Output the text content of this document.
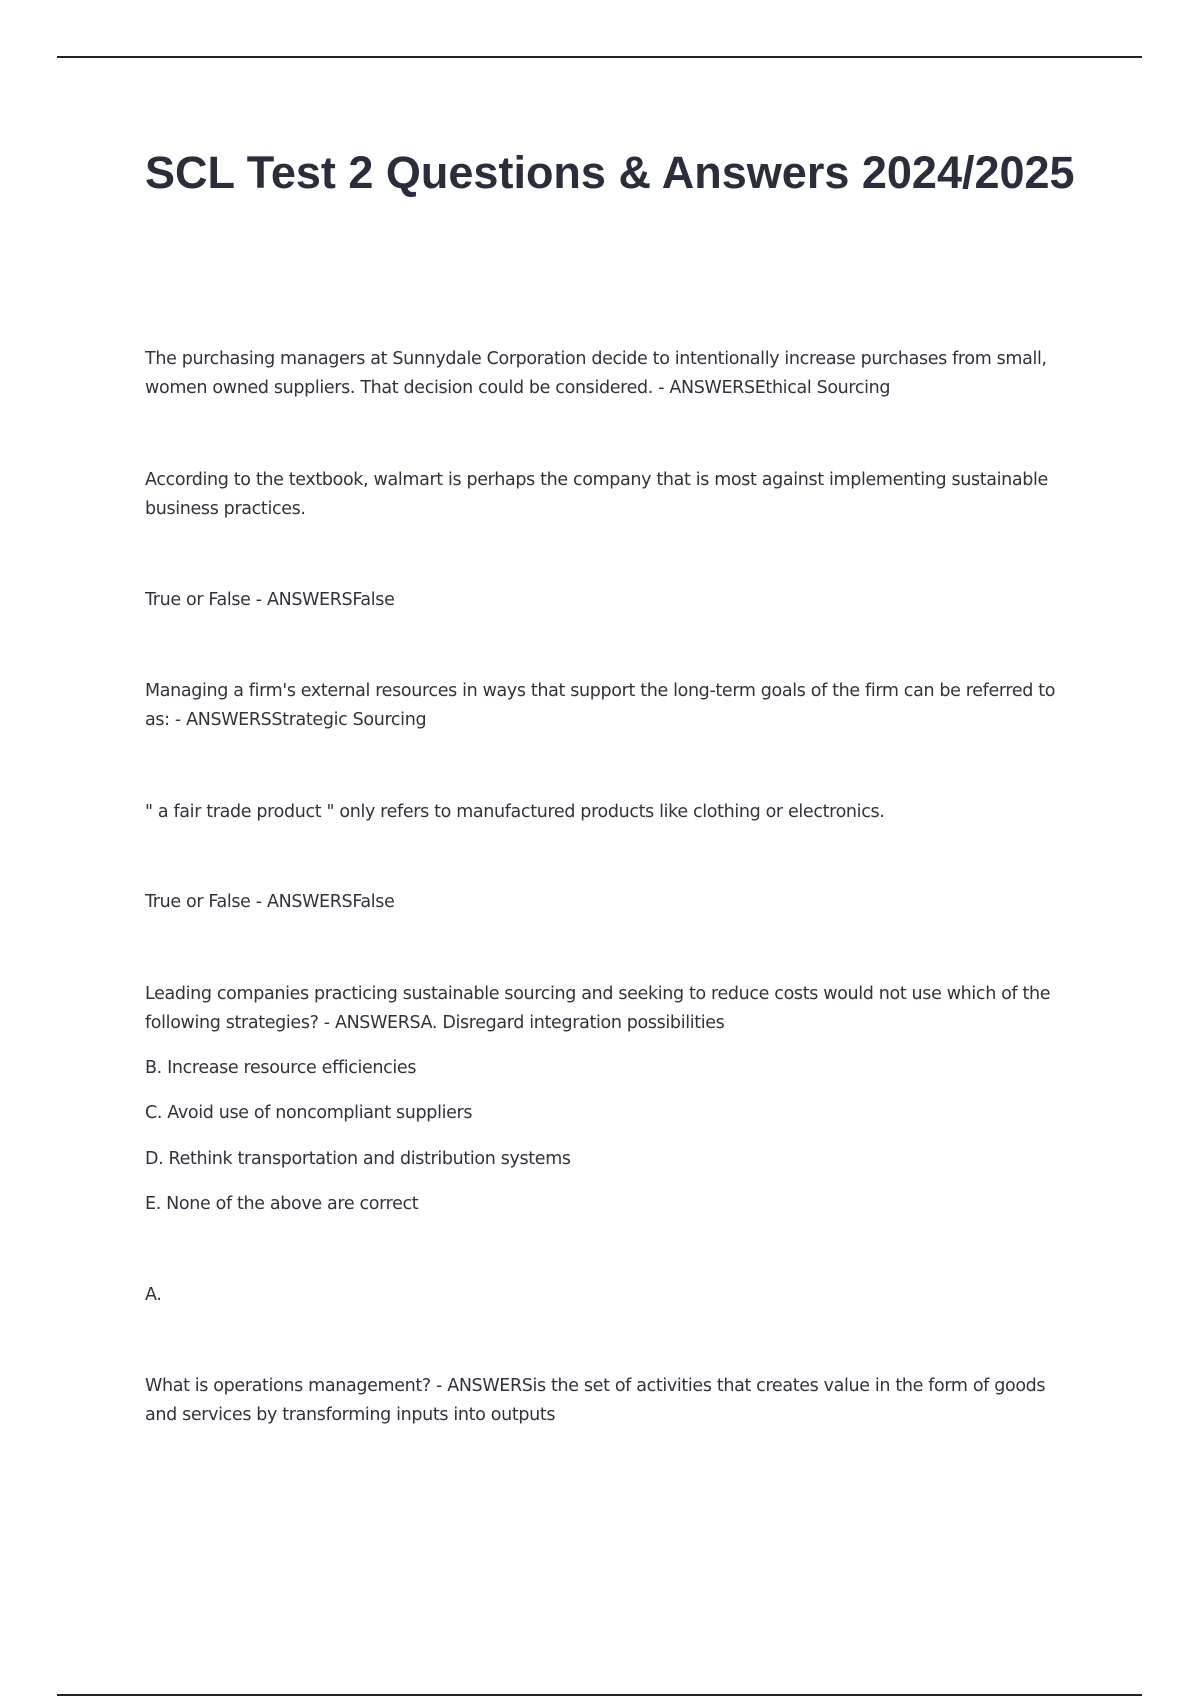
SCL Test 2 Questions & Answers 2024/2025

The purchasing managers at Sunnydale Corporation decide to intentionally increase purchases from small, women owned suppliers. That decision could be considered. - ANSWERSEthical Sourcing

According to the textbook, walmart is perhaps the company that is most against implementing sustainable business practices.

True or False - ANSWERSFalse

Managing a firm's external resources in ways that support the long-term goals of the firm can be referred to as: - ANSWERSStrategic Sourcing

" a fair trade product " only refers to manufactured products like clothing or electronics.

True or False - ANSWERSFalse

Leading companies practicing sustainable sourcing and seeking to reduce costs would not use which of the following strategies? - ANSWERSA. Disregard integration possibilities

B. Increase resource efficiencies

C. Avoid use of noncompliant suppliers

D. Rethink transportation and distribution systems

E. None of the above are correct

A.

What is operations management? - ANSWERSis the set of activities that creates value in the form of goods and services by transforming inputs into outputs
